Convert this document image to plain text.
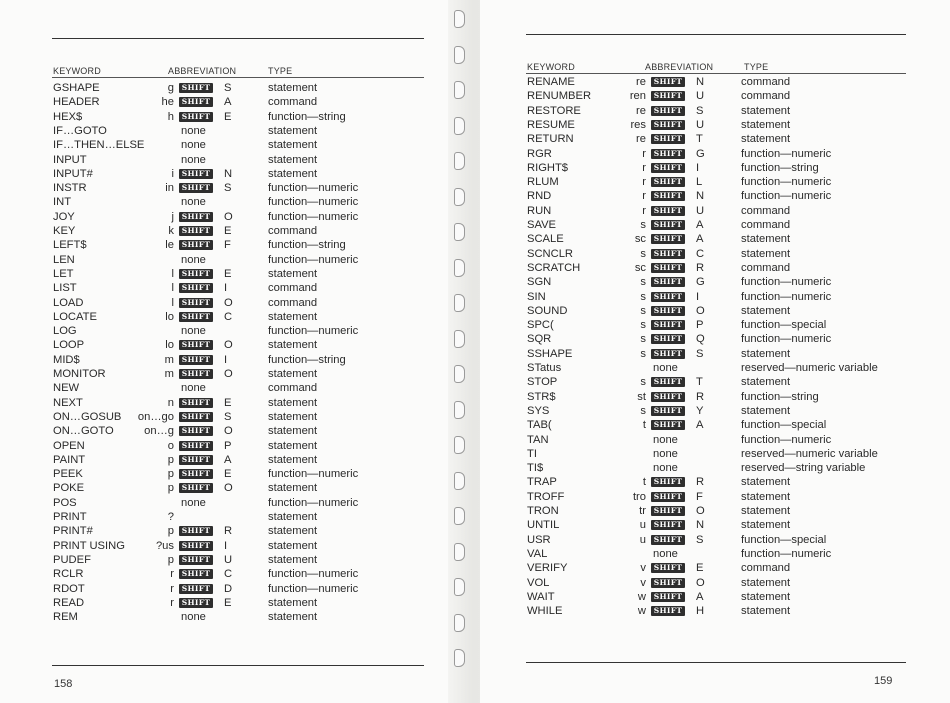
KEYWORD	ABBREVIATION	TYPE
GSHAPE	g	SHIFT S	statement
HEADER	he	SHIFT A	command
HEX$	h	SHIFT E	function—string
IF…GOTO	none	statement
IF…THEN…ELSE	none	statement
INPUT	none	statement
INPUT#	i	SHIFT N	statement
INSTR	in	SHIFT S	function—numeric
INT	none	function—numeric
JOY	j	SHIFT O	function—numeric
KEY	k	SHIFT E	command
LEFT$	le	SHIFT F	function—string
LEN	none	function—numeric
LET	l	SHIFT E	statement
LIST	l	SHIFT I	command
LOAD	l	SHIFT O	command
LOCATE	lo	SHIFT C	statement
LOG	none	function—numeric
LOOP	lo	SHIFT O	statement
MID$	m	SHIFT I	function—string
MONITOR	m	SHIFT O	statement
NEW	none	command
NEXT	n	SHIFT E	statement
ON…GOSUB	on…go	SHIFT S	statement
ON…GOTO	on…g	SHIFT O	statement
OPEN	o	SHIFT P	statement
PAINT	p	SHIFT A	statement
PEEK	p	SHIFT E	function—numeric
POKE	p	SHIFT O	statement
POS	none	function—numeric
PRINT	?	statement
PRINT#	p	SHIFT R	statement
PRINT USING	?us	SHIFT I	statement
PUDEF	p	SHIFT U	statement
RCLR	r	SHIFT C	function—numeric
RDOT	r	SHIFT D	function—numeric
READ	r	SHIFT E	statement
REM	none	statement
158
KEYWORD	ABBREVIATION	TYPE
RENAME	re	SHIFT N	command
RENUMBER	ren	SHIFT U	command
RESTORE	re	SHIFT S	statement
RESUME	res	SHIFT U	statement
RETURN	re	SHIFT T	statement
RGR	r	SHIFT G	function—numeric
RIGHT$	r	SHIFT I	function—string
RLUM	r	SHIFT L	function—numeric
RND	r	SHIFT N	function—numeric
RUN	r	SHIFT U	command
SAVE	s	SHIFT A	command
SCALE	sc	SHIFT A	statement
SCNCLR	s	SHIFT C	statement
SCRATCH	sc	SHIFT R	command
SGN	s	SHIFT G	function—numeric
SIN	s	SHIFT I	function—numeric
SOUND	s	SHIFT O	statement
SPC(	s	SHIFT P	function—special
SQR	s	SHIFT Q	function—numeric
SSHAPE	s	SHIFT S	statement
STatus	none	reserved—numeric variable
STOP	s	SHIFT T	statement
STR$	st	SHIFT R	function—string
SYS	s	SHIFT Y	statement
TAB(	t	SHIFT A	function—special
TAN	none	function—numeric
TI	none	reserved—numeric variable
TI$	none	reserved—string variable
TRAP	t	SHIFT R	statement
TROFF	tro	SHIFT F	statement
TRON	tr	SHIFT O	statement
UNTIL	u	SHIFT N	statement
USR	u	SHIFT S	function—special
VAL	none	function—numeric
VERIFY	v	SHIFT E	command
VOL	v	SHIFT O	statement
WAIT	w	SHIFT A	statement
WHILE	w	SHIFT H	statement
159
